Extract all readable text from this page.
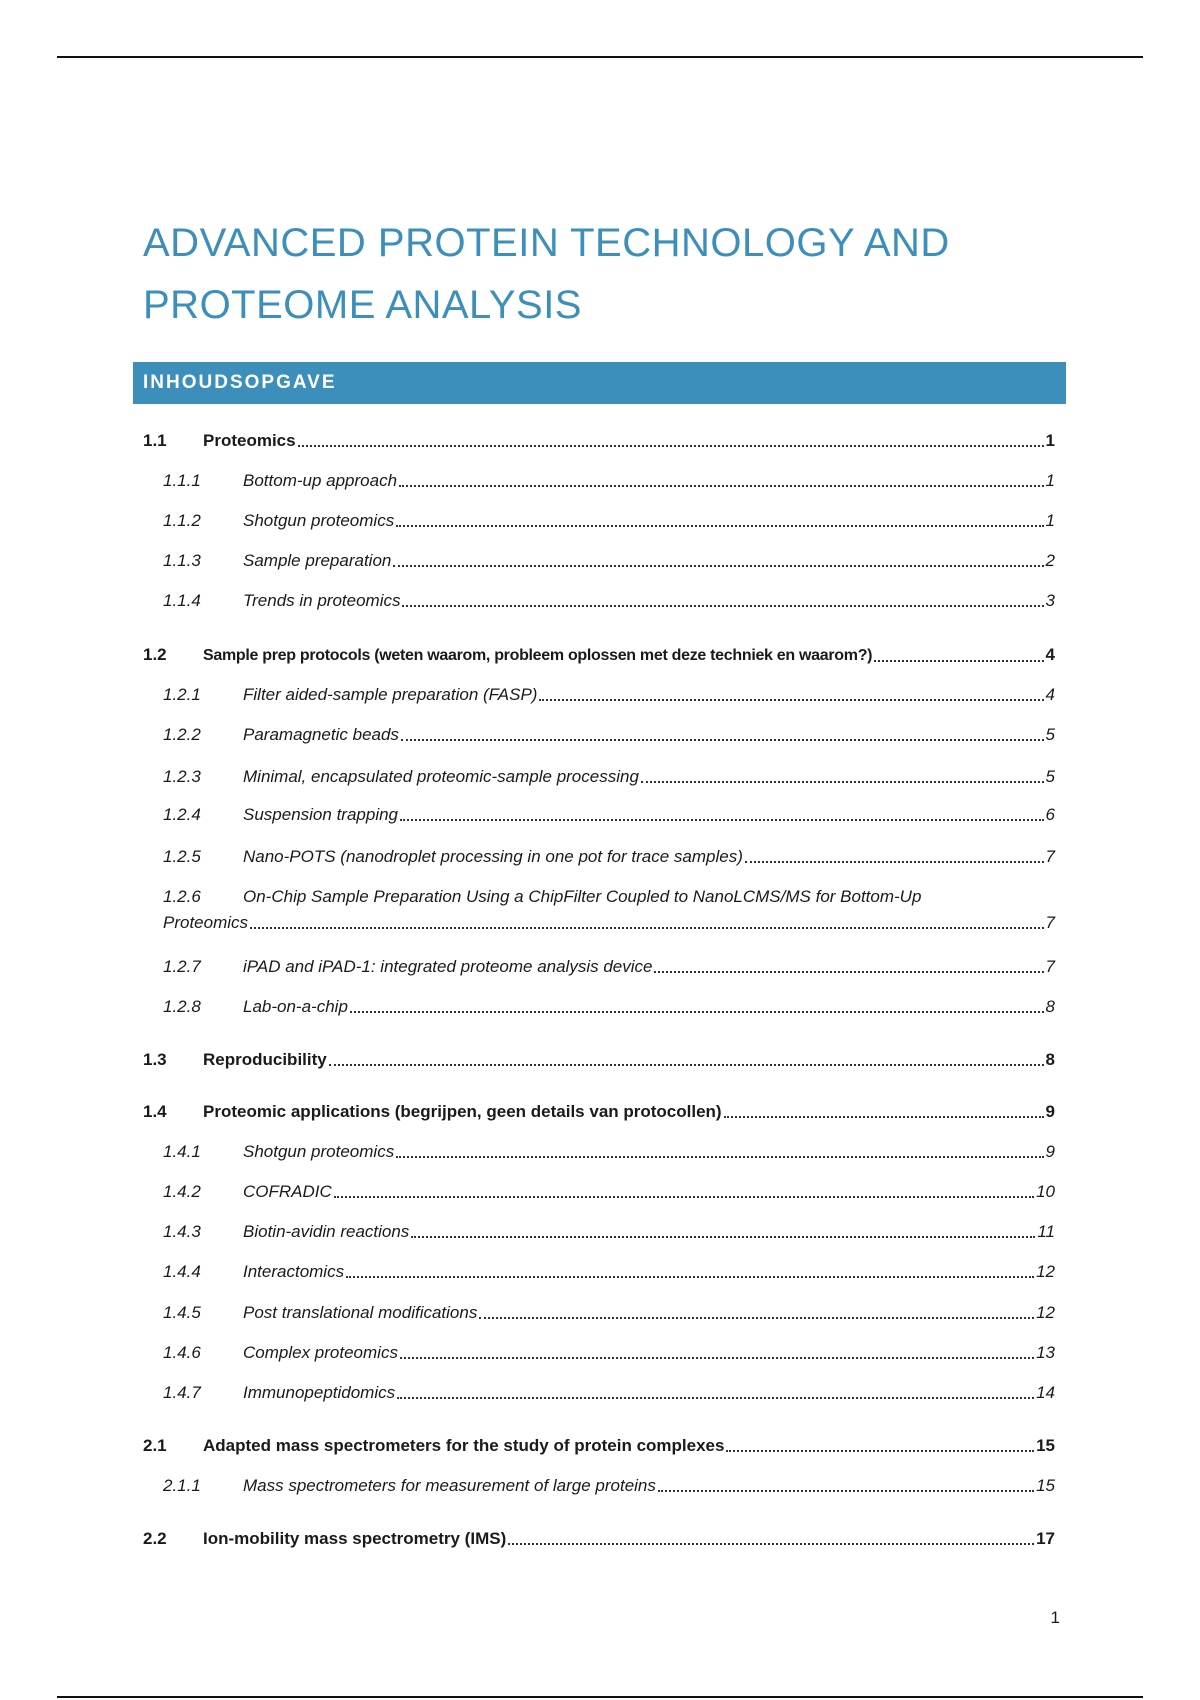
ADVANCED PROTEIN TECHNOLOGY AND
PROTEOME ANALYSIS
INHOUDSOPGAVE
1.1	Proteomics	1
1.1.1	Bottom-up approach	1
1.1.2	Shotgun proteomics	1
1.1.3	Sample preparation	2
1.1.4	Trends in proteomics	3
1.2	Sample prep protocols (weten waarom, probleem oplossen met deze techniek en waarom?)	4
1.2.1	Filter aided-sample preparation (FASP)	4
1.2.2	Paramagnetic beads	5
1.2.3	Minimal, encapsulated proteomic-sample processing	5
1.2.4	Suspension trapping	6
1.2.5	Nano-POTS (nanodroplet processing in one pot for trace samples)	7
1.2.6	On-Chip Sample Preparation Using a ChipFilter Coupled to NanoLCMS/MS for Bottom-Up
Proteomics	7
1.2.7	iPAD and iPAD-1: integrated proteome analysis device	7
1.2.8	Lab-on-a-chip	8
1.3	Reproducibility	8
1.4	Proteomic applications (begrijpen, geen details van protocollen)	9
1.4.1	Shotgun proteomics	9
1.4.2	COFRADIC	10
1.4.3	Biotin-avidin reactions	11
1.4.4	Interactomics	12
1.4.5	Post translational modifications	12
1.4.6	Complex proteomics	13
1.4.7	Immunopeptidomics	14
2.1	Adapted mass spectrometers for the study of protein complexes	15
2.1.1	Mass spectrometers for measurement of large proteins	15
2.2	Ion-mobility mass spectrometry (IMS)	17
1
